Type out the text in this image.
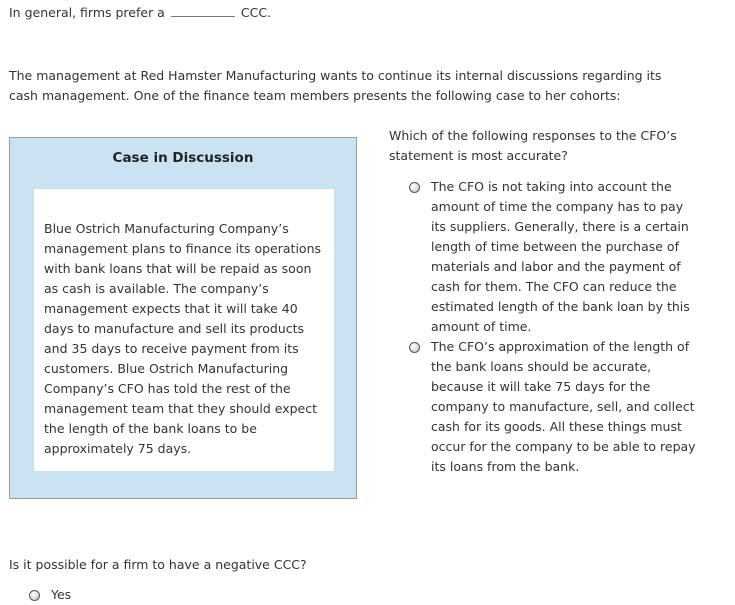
In general, firms prefer a	CCC.
The management at Red Hamster Manufacturing wants to continue its internal discussions regarding its cash management. One of the finance team members presents the following case to her cohorts:
Case in Discussion
Blue Ostrich Manufacturing Company’s management plans to finance its operations with bank loans that will be repaid as soon as cash is available. The company’s management expects that it will take 40 days to manufacture and sell its products and 35 days to receive payment from its customers. Blue Ostrich Manufacturing Company’s CFO has told the rest of the management team that they should expect the length of the bank loans to be approximately 75 days.
Which of the following responses to the CFO’s statement is most accurate?
The CFO is not taking into account the amount of time the company has to pay its suppliers. Generally, there is a certain length of time between the purchase of materials and labor and the payment of cash for them. The CFO can reduce the estimated length of the bank loan by this amount of time.
The CFO’s approximation of the length of the bank loans should be accurate, because it will take 75 days for the company to manufacture, sell, and collect cash for its goods. All these things must occur for the company to be able to repay its loans from the bank.
Is it possible for a firm to have a negative CCC?
Yes
